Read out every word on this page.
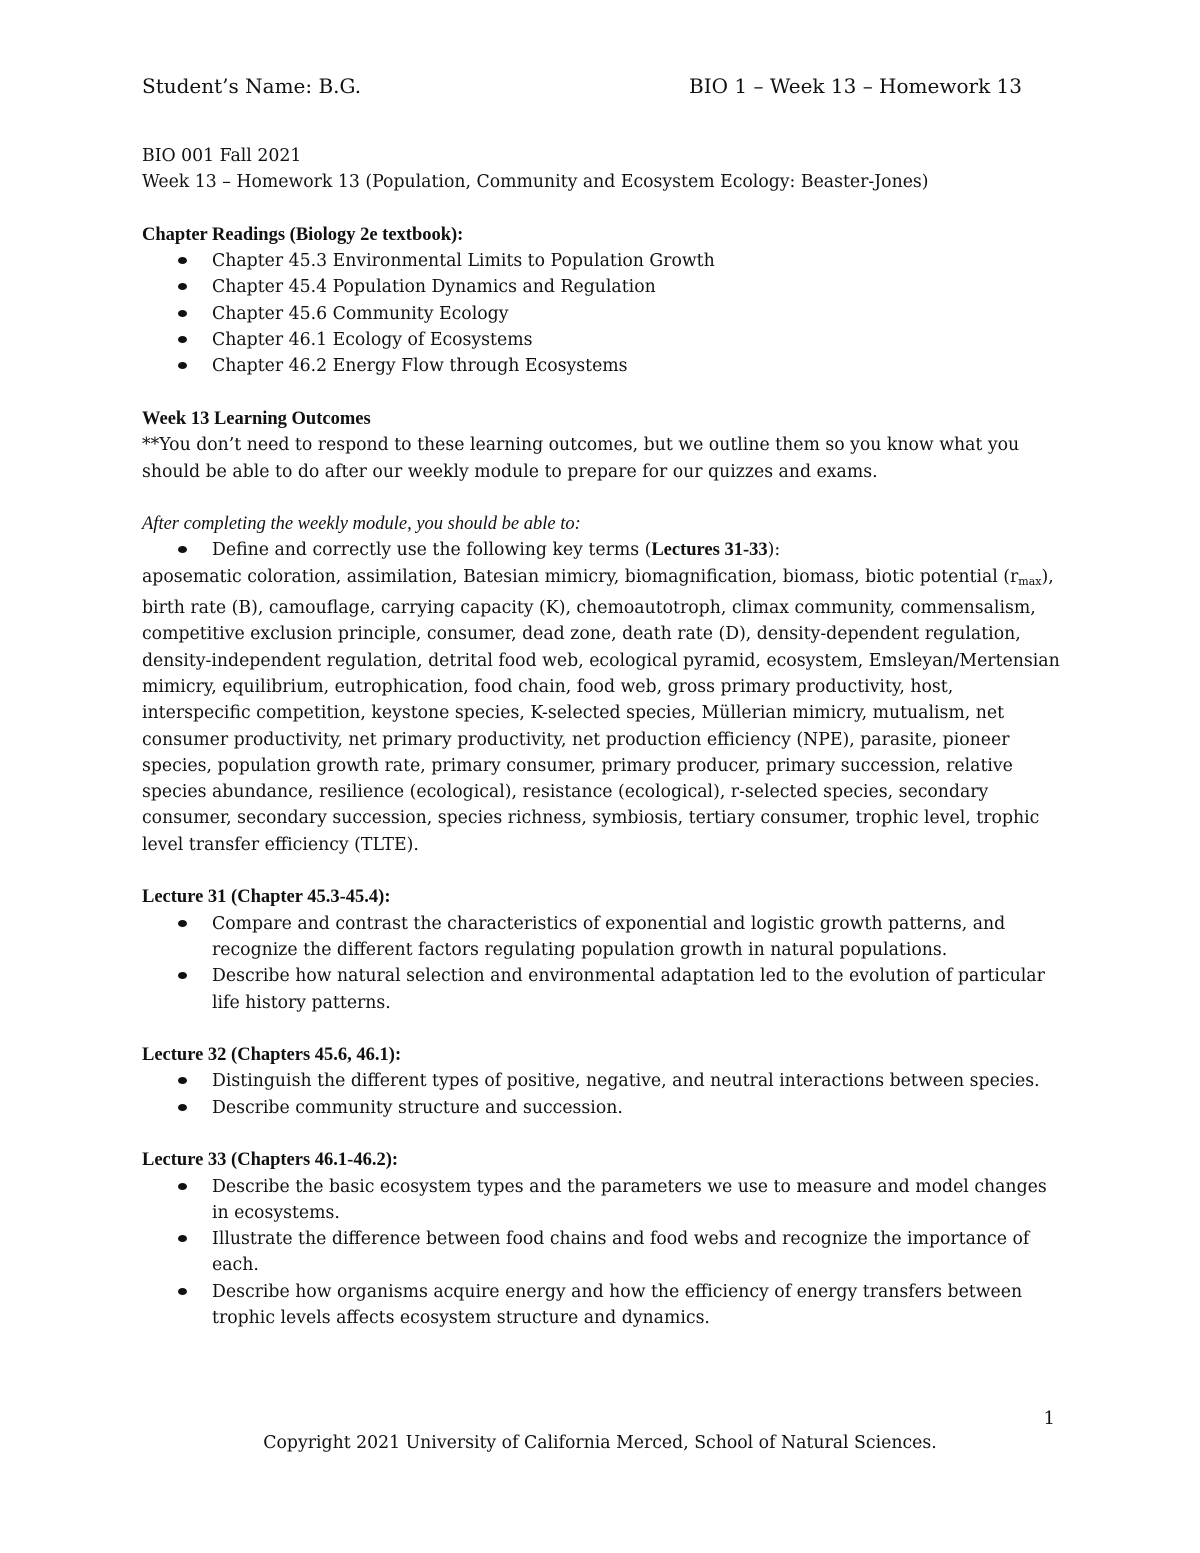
Student’s Name: B.G.	BIO 1 – Week 13 – Homework 13

BIO 001 Fall 2021

Week 13 – Homework 13 (Population, Community and Ecosystem Ecology: Beaster-Jones)

Chapter Readings (Biology 2e textbook):

Chapter 45.3 Environmental Limits to Population Growth
Chapter 45.4 Population Dynamics and Regulation
Chapter 45.6 Community Ecology
Chapter 46.1 Ecology of Ecosystems
Chapter 46.2 Energy Flow through Ecosystems

Week 13 Learning Outcomes

**You don’t need to respond to these learning outcomes, but we outline them so you know what you should be able to do after our weekly module to prepare for our quizzes and exams.

After completing the weekly module, you should be able to:

Define and correctly use the following key terms (Lectures 31-33):

aposematic coloration, assimilation, Batesian mimicry, biomagnification, biomass, biotic potential $(r_{max})$, birth rate (B), camouflage, carrying capacity (K), chemoautotroph, climax community, commensalism, competitive exclusion principle, consumer, dead zone, death rate (D), density-dependent regulation, density-independent regulation, detrital food web, ecological pyramid, ecosystem, Emsleyan/Mertensian mimicry, equilibrium, eutrophication, food chain, food web, gross primary productivity, host, interspecific competition, keystone species, K-selected species, Müllerian mimicry, mutualism, net consumer productivity, net primary productivity, net production efficiency (NPE), parasite, pioneer species, population growth rate, primary consumer, primary producer, primary succession, relative species abundance, resilience (ecological), resistance (ecological), r-selected species, secondary consumer, secondary succession, species richness, symbiosis, tertiary consumer, trophic level, trophic level transfer efficiency (TLTE).

Lecture 31 (Chapter 45.3-45.4):

Compare and contrast the characteristics of exponential and logistic growth patterns, and recognize the different factors regulating population growth in natural populations.
Describe how natural selection and environmental adaptation led to the evolution of particular life history patterns.

Lecture 32 (Chapters 45.6, 46.1):

Distinguish the different types of positive, negative, and neutral interactions between species.
Describe community structure and succession.

Lecture 33 (Chapters 46.1-46.2):

Describe the basic ecosystem types and the parameters we use to measure and model changes in ecosystems.
Illustrate the difference between food chains and food webs and recognize the importance of each.
Describe how organisms acquire energy and how the efficiency of energy transfers between trophic levels affects ecosystem structure and dynamics.
1
Copyright 2021 University of California Merced, School of Natural Sciences.
